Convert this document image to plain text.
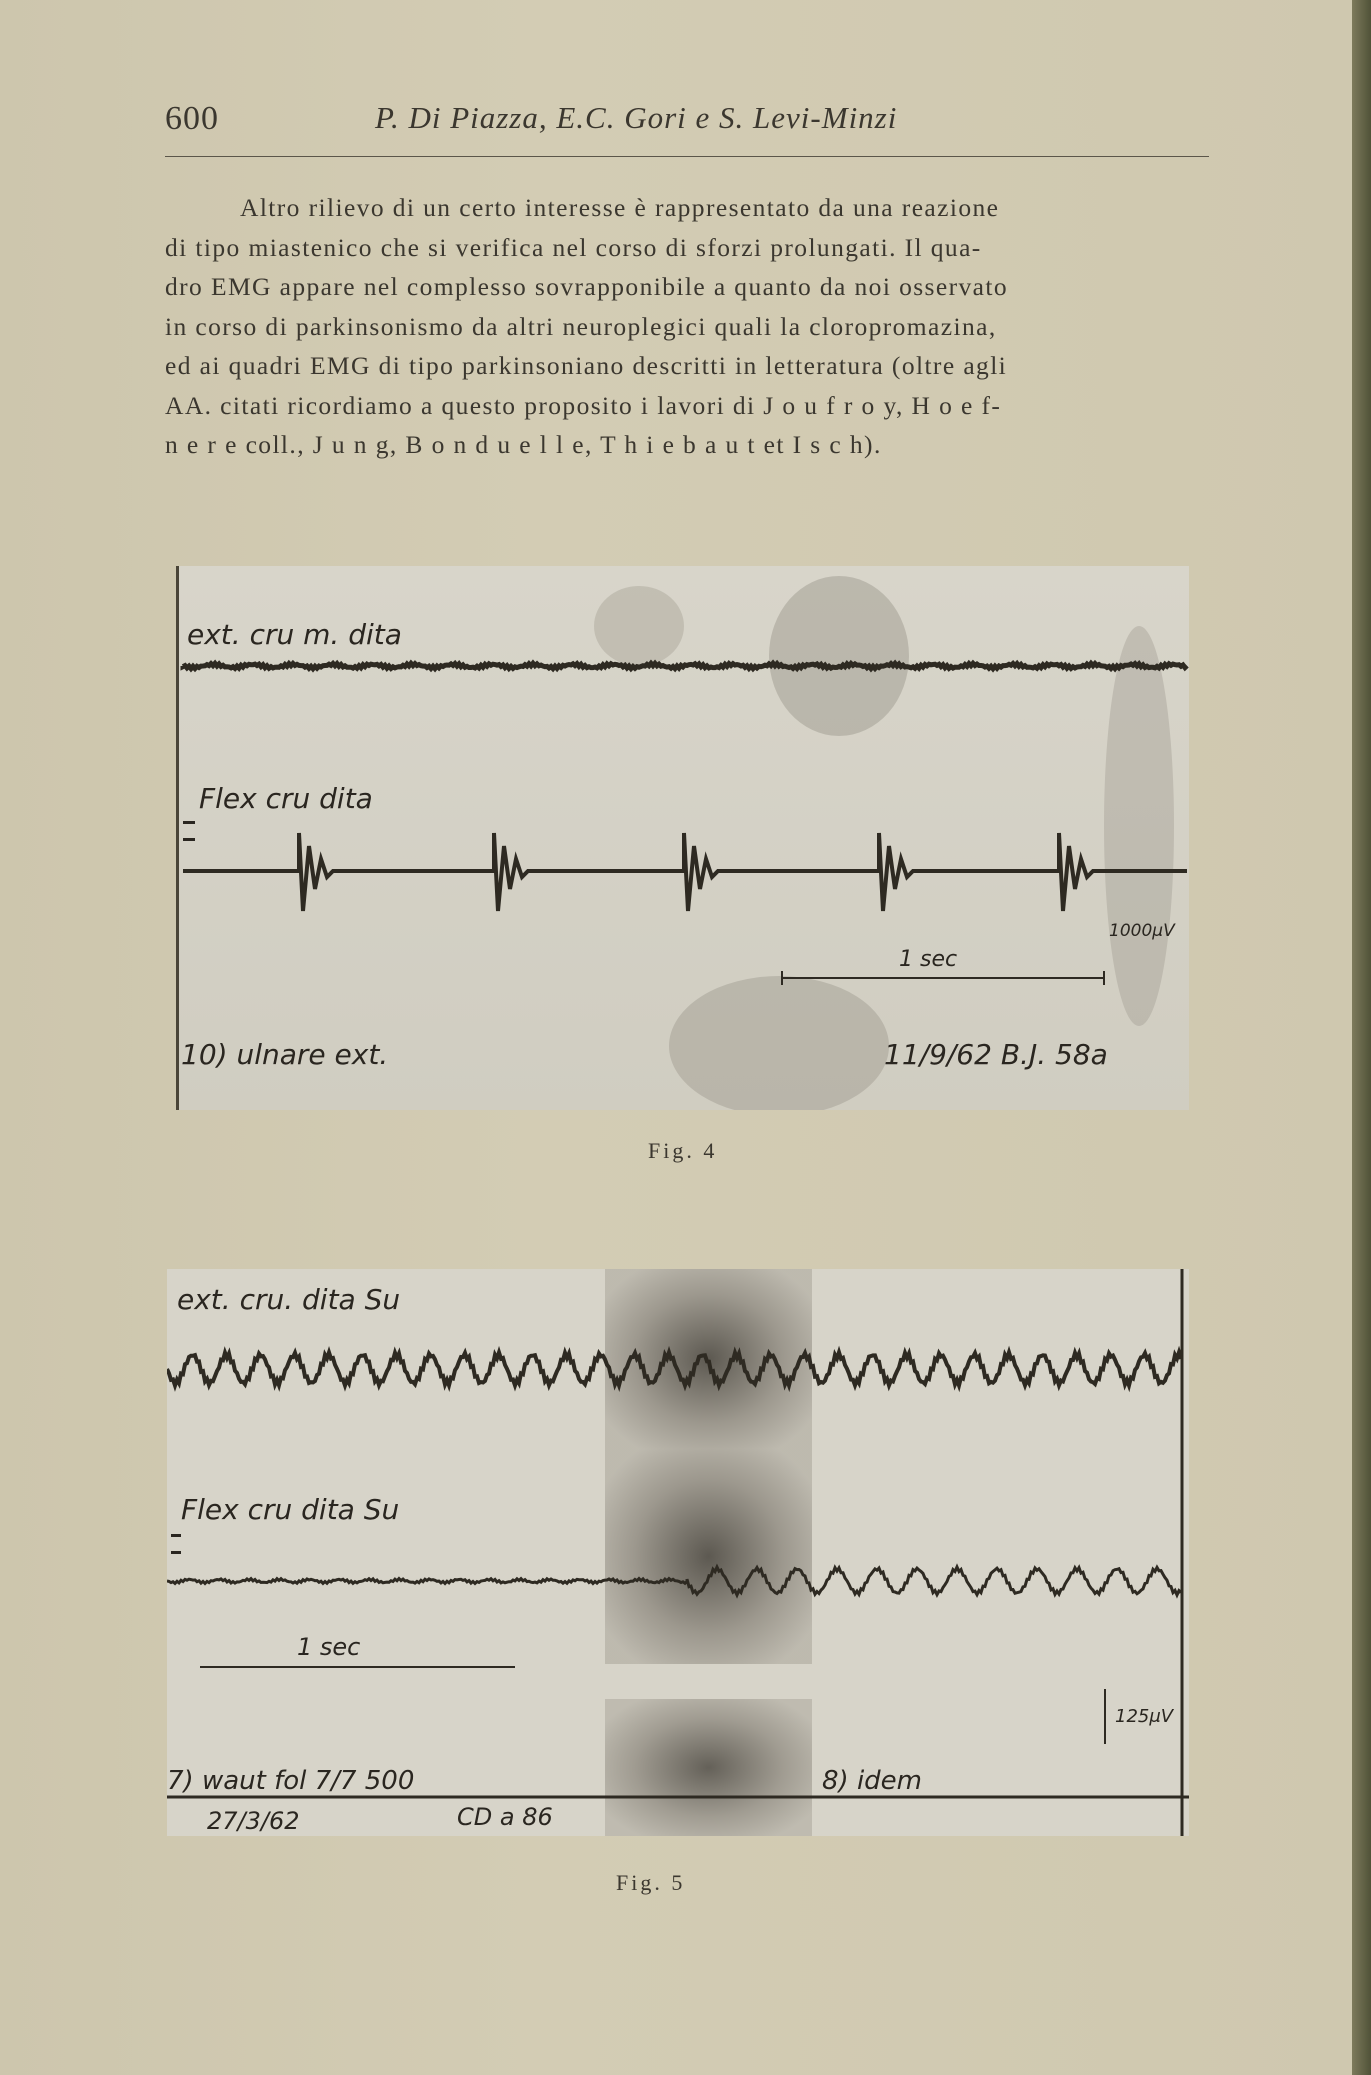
600	P. Di Piazza, E.C. Gori e S. Levi-Minzi
Altro rilievo di un certo interesse è rappresentato da una reazione
di tipo miastenico che si verifica nel corso di sforzi prolungati. Il qua-
dro EMG appare nel complesso sovrapponibile a quanto da noi osservato
in corso di parkinsonismo da altri neuroplegici quali la cloropromazina,
ed ai quadri EMG di tipo parkinsoniano descritti in letteratura (oltre agli
AA. citati ricordiamo a questo proposito i lavori di J o u f r o y, H o e f-
n e r e coll., J u n g, B o n d u e l l e, T h i e b a u t et I s c h).
ext. cru m. dita
Flex cru dita
1000μV
1 sec
10) ulnare ext.	11/9/62 B.J. 58a
Fig. 4
ext. cru. dita Su
Flex cru dita Su
1 sec
125μV
7) waut fol 7/7 500	8) idem
27/3/62	CD a 86
Fig. 5
